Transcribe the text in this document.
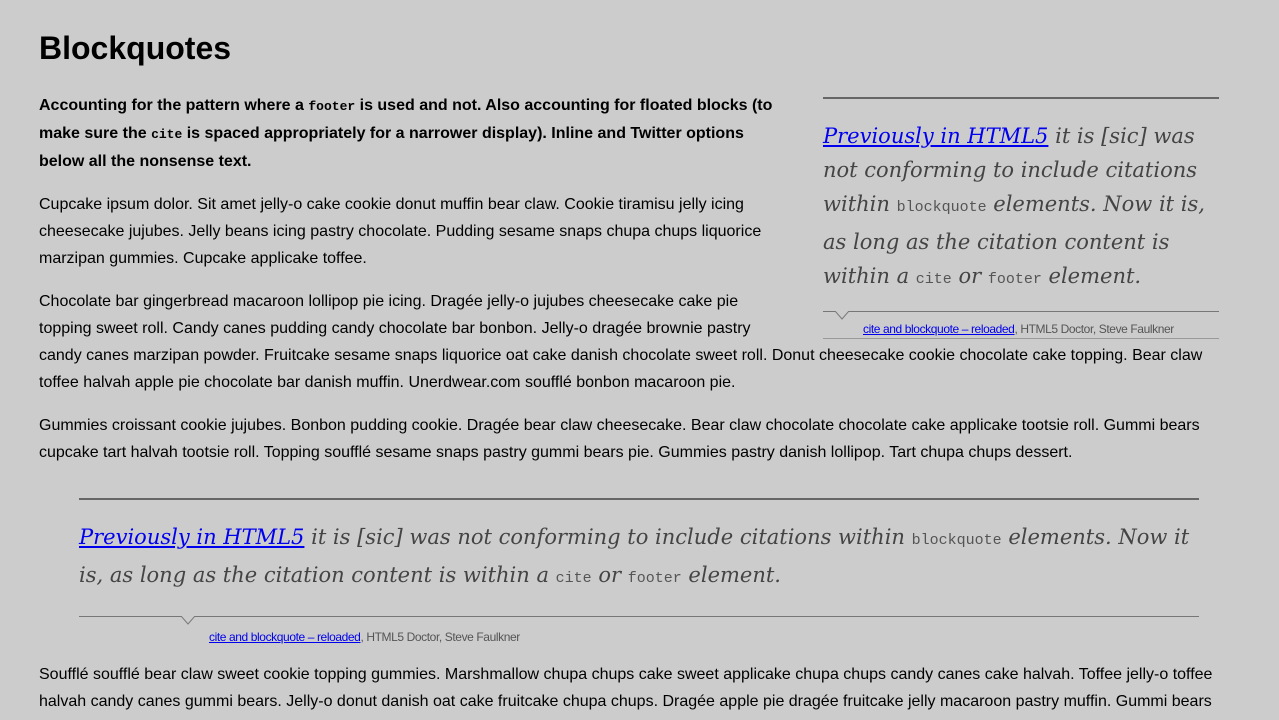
Blockquotes
Previously in HTML5 it is [sic] was not conforming to include citations within blockquote elements. Now it is, as long as the citation content is within a cite or footer element.
cite and blockquote – reloaded, HTML5 Doctor, Steve Faulkner

Accounting for the pattern where a footer is used and not. Also accounting for floated blocks (to make sure the cite is spaced appropriately for a narrower display). Inline and Twitter options below all the nonsense text.

Cupcake ipsum dolor. Sit amet jelly-o cake cookie donut muffin bear claw. Cookie tiramisu jelly icing cheesecake jujubes. Jelly beans icing pastry chocolate. Pudding sesame snaps chupa chups liquorice marzipan gummies. Cupcake applicake toffee.

Chocolate bar gingerbread macaroon lollipop pie icing. Dragée jelly-o jujubes cheesecake cake pie topping sweet roll. Candy canes pudding candy chocolate bar bonbon. Jelly-o dragée brownie pastry candy canes marzipan powder. Fruitcake sesame snaps liquorice oat cake danish chocolate sweet roll. Donut cheesecake cookie chocolate cake topping. Bear claw toffee halvah apple pie chocolate bar danish muffin. Unerdwear.com soufflé bonbon macaroon pie.

Gummies croissant cookie jujubes. Bonbon pudding cookie. Dragée bear claw cheesecake. Bear claw chocolate chocolate cake applicake tootsie roll. Gummi bears cupcake tart halvah tootsie roll. Topping soufflé sesame snaps pastry gummi bears pie. Gummies pastry danish lollipop. Tart chupa chups dessert.

Previously in HTML5 it is [sic] was not conforming to include citations within blockquote elements. Now it is, as long as the citation content is within a cite or footer element.
cite and blockquote – reloaded, HTML5 Doctor, Steve Faulkner

Soufflé soufflé bear claw sweet cookie topping gummies. Marshmallow chupa chups cake sweet applicake chupa chups candy canes cake halvah. Toffee jelly-o toffee halvah candy canes gummi bears. Jelly-o donut danish oat cake fruitcake chupa chups. Dragée apple pie dragée fruitcake jelly macaroon pastry muffin. Gummi bears
